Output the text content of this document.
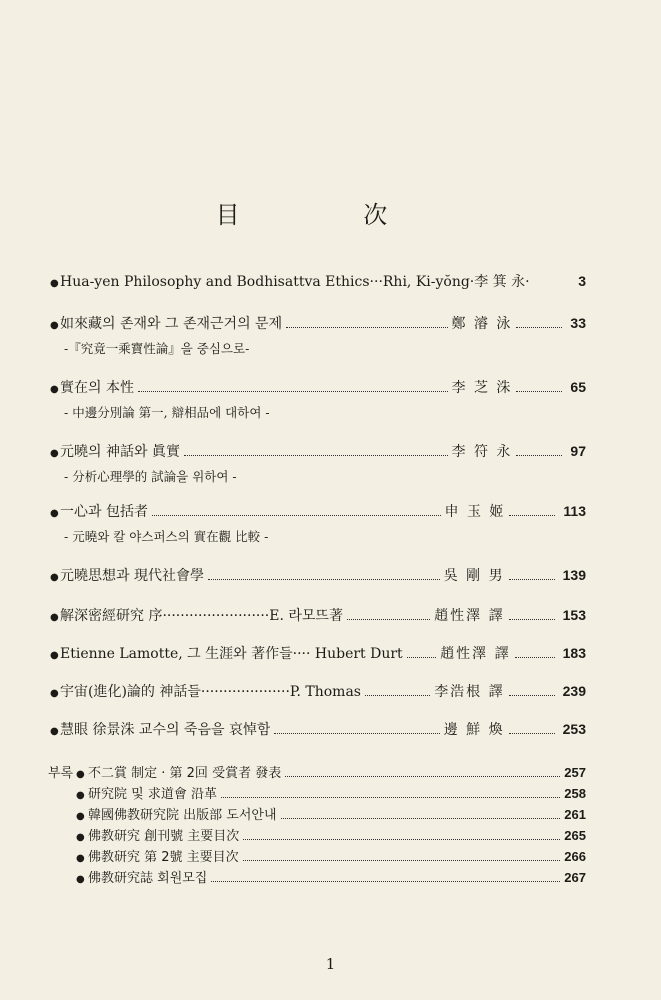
目 次
● Hua-yen Philosophy and Bodhisattva Ethics···Rhi, Ki-yŏng·李 箕 永·	3
● 如來藏의 존재와 그 존재근거의 문제	鄭 濬 泳	33
-『究竟一乘寶性論』을 중심으로-
● 實在의 本性	李 芝 洙	65
- 中邊分別論 第一, 辯相品에 대하여 -
● 元曉의 神話와 眞實	李 符 永	97
- 分析心理學的 試論을 위하여 -
● 一心과 包括者	申 玉 姬	113
- 元曉와 칼 야스퍼스의 實在觀 比較 -
● 元曉思想과 現代社會學	吳 剛 男	139
● 解深密經研究 序························E. 라모뜨著	趙性澤 譯	153
● Etienne Lamotte, 그 生涯와 著作들···· Hubert Durt	趙性澤 譯	183
● 宇宙(進化)論的 神話들····················P. Thomas	李浩根 譯	239
● 慧眼 徐景洙 교수의 죽음을 哀悼함	邊 鮮 煥	253
부록 ● 不二賞 制定 · 第 2回 受賞者 發表	257
● 研究院 및 求道會 沿革	258
● 韓國佛教研究院 出版部 도서안내	261
● 佛教研究 創刊號 主要目次	265
● 佛教研究 第 2號 主要目次	266
● 佛教研究誌 회원모집	267
1
